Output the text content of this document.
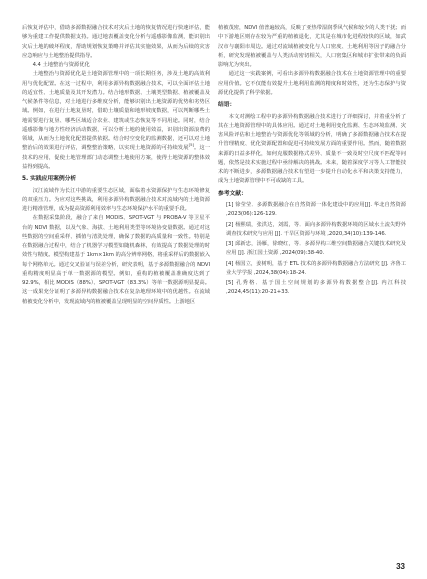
后恢复评估中，借助多源数据融合技术对灾后土地的恢复情况进行快速评估，能够为重建工作提供数据支持。通过地表覆盖变化分析与遥感影像监测，能识别出灾后土地的破坏程度，帮助规划恢复策略并评估其实施效果，从而为后续的灾害应急响应与土地整治提供指导。

4.4 土地整治与资源优化

土地整治与资源优化是土地资源管理中的一项长期任务，涉及土地的高效利用与优化配置。在这一过程中，利用多源异构数据融合技术，可以全面评估土地的适宜性、土地质量及其开发潜力。结合地形数据、土壤类型数据、植被覆盖及气候条件等信息，对土地进行多维度分析，能够识别出土地资源的优势和劣势区域。例如，在进行土地复垦时，借助土壤质量和地形坡度数据，可以判断哪些土地需要进行复垦、哪些区域适合农业、建筑或生态恢复等不同用途。同时，结合遥感影像与地方性经济活动数据，可以分析土地的使用效益，识别出资源浪费的领域，从而为土地优化配置提供依据。结合时空变化的监测数据，还可以对土地整治后的效果进行评估，调整整治策略，以实现土地资源的可持续发展[5]。这一技术的应用，促使土地管理部门动态调整土地使用方案，使得土地资源的整体效益得到提高。

5. 实践应用案例分析

汉江流域作为长江中游的重要生态区域，面临着水资源保护与生态环境修复的双重压力。为应对这些挑战，利用多源异构数据融合技术对流域内的土地资源进行精准管理，成为提高资源利用效率与生态环境保护水平的重要手段。

在数据采集阶段，融合了来自 MODIS、SPOT-VGT 与 PROBA-V 等卫星平台的 NDVI 数据，以及气象、海拔、土地利用类型等环境协变量数据。通过对这些数据的空间重采样、插值与清洗处理，确保了数据的高质量和一致性。特别是在数据融合过程中，结合了机器学习模型如随机森林，有效提高了数据处理的时效性与精度。模型构建基于 1km×1km 的高分辨率网格，将重采样后的数据嵌入每个网格单元。通过交叉验证与误差分析，研究表明，基于多源数据融合的 NDVI 重构精度明显高于单一数据源的模型。例如，重构的植被覆盖准确度达到了 92.9%，相比 MODIS（88%）、SPOT-VGT（83.3%）等单一数据源明显提高。这一成果充分证明了多源异构数据融合技术在复杂地理环境中的优越性。在流域植被变化分析中，发现流域内的植被覆盖呈现明显的空间异质性。上游地区

植被茂密，NDVI 值普遍较高，反映了亚热带湿润季风气候和较少的人类干扰；而中下游地区则存在较为严重的植被退化，尤其是在城市化进程较快的区域，如武汉市与襄阳市周边。通过对流域植被变化与人口密度、土地利用等因子的融合分析，研究发现植被覆盖与人类活动密切相关，人口密集区和城市扩张带来的负面影响尤为突出。

通过这一实践案例，可看出多源异构数据融合技术在土地资源管理中的重要应用价值。它不仅能有效提升土地利用监测的精度和时效性，还为生态保护与资源优化提供了科学依据。

结语：

本文对测绘工程中的多源异构数据融合技术进行了详细探讨，并着重分析了其在土地资源管理中的具体应用。通过对土地利用变化监测、生态环境监测、灾害风险评估和土地整治与资源优化等领域的分析，明确了多源数据融合技术在提升管理精度、优化资源配置和促进可持续发展方面的重要作用。然而，随着数据来源的日益多样化，如何克服数据格式差异、质量不一致及时空尺度不匹配等问题，依然是技术实施过程中亟待解决的挑战。未来，随着深度学习等人工智能技术的不断进步，多源数据融合技术有望进一步提升自动化水平和决策支持能力，成为土地资源管理中不可或缺的工具。

参考文献：
[1] 徐莹莹．多源数据融合在自然资源一体化建设中的应用[J]. 华北自然资源 ,2023(06):126-129.
[2] 杨熙瑞，张洪达，刘霞，等．面向多源异构数据环境的区域水土流失野外调查技术研究与应用 [J]. 干旱区资源与环境 ,2020,34(10):139-146.
[3] 邱新忠，汤雁，徐晓红，等．多源异构三维空间数据融合关键技术研究及应用 [J]. 浙江国土资源 ,2024(09):38-40.
[4] 杨国立，姜树明，基于 ETL 技术的多源异构数据融合方法研究 [J]. 齐鲁工业大学学报 ,2024,38(04):18-24.
[5] 孔秀格．基于国土空间规划的多源异构数据整合[J]. 内江科技 ,2024,45(11):20-21+33.
33
